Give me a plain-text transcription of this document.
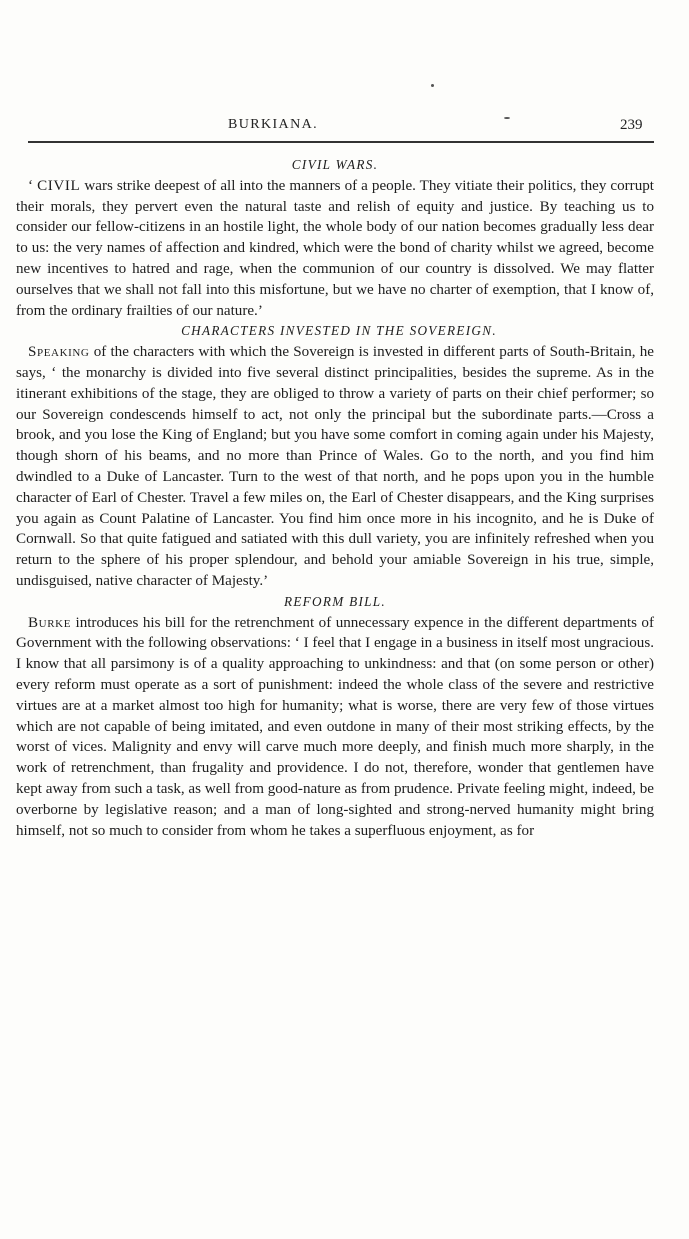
BURKIANA.	239
CIVIL WARS.

‘ CIVIL wars strike deepest of all into the manners of a people. They vitiate their politics, they corrupt their morals, they pervert even the natural taste and relish of equity and justice. By teaching us to consider our fellow-citizens in an hostile light, the whole body of our nation becomes gradually less dear to us: the very names of affection and kindred, which were the bond of charity whilst we agreed, become new incentives to hatred and rage, when the communion of our country is dissolved. We may flatter ourselves that we shall not fall into this misfortune, but we have no charter of exemption, that I know of, from the ordinary frailties of our nature.’

CHARACTERS INVESTED IN THE SOVEREIGN.

Speaking of the characters with which the Sovereign is invested in different parts of South-Britain, he says, ‘ the monarchy is divided into five several distinct principalities, besides the supreme. As in the itinerant exhibitions of the stage, they are obliged to throw a variety of parts on their chief performer; so our Sovereign condescends himself to act, not only the principal but the subordinate parts.—Cross a brook, and you lose the King of England; but you have some comfort in coming again under his Majesty, though shorn of his beams, and no more than Prince of Wales. Go to the north, and you find him dwindled to a Duke of Lancaster. Turn to the west of that north, and he pops upon you in the humble character of Earl of Chester. Travel a few miles on, the Earl of Chester disappears, and the King surprises you again as Count Palatine of Lancaster. You find him once more in his incognito, and he is Duke of Cornwall. So that quite fatigued and satiated with this dull variety, you are infinitely refreshed when you return to the sphere of his proper splendour, and behold your amiable Sovereign in his true, simple, undisguised, native character of Majesty.’

REFORM BILL.

Burke introduces his bill for the retrenchment of unnecessary expence in the different departments of Government with the following observations: ‘ I feel that I engage in a business in itself most ungracious. I know that all parsimony is of a quality approaching to unkindness: and that (on some person or other) every reform must operate as a sort of punishment: indeed the whole class of the severe and restrictive virtues are at a market almost too high for humanity; what is worse, there are very few of those virtues which are not capable of being imitated, and even outdone in many of their most striking effects, by the worst of vices. Malignity and envy will carve much more deeply, and finish much more sharply, in the work of retrenchment, than frugality and providence. I do not, therefore, wonder that gentlemen have kept away from such a task, as well from good-nature as from prudence. Private feeling might, indeed, be overborne by legislative reason; and a man of long-sighted and strong-nerved humanity might bring himself, not so much to consider from whom he takes a superfluous enjoyment, as for
